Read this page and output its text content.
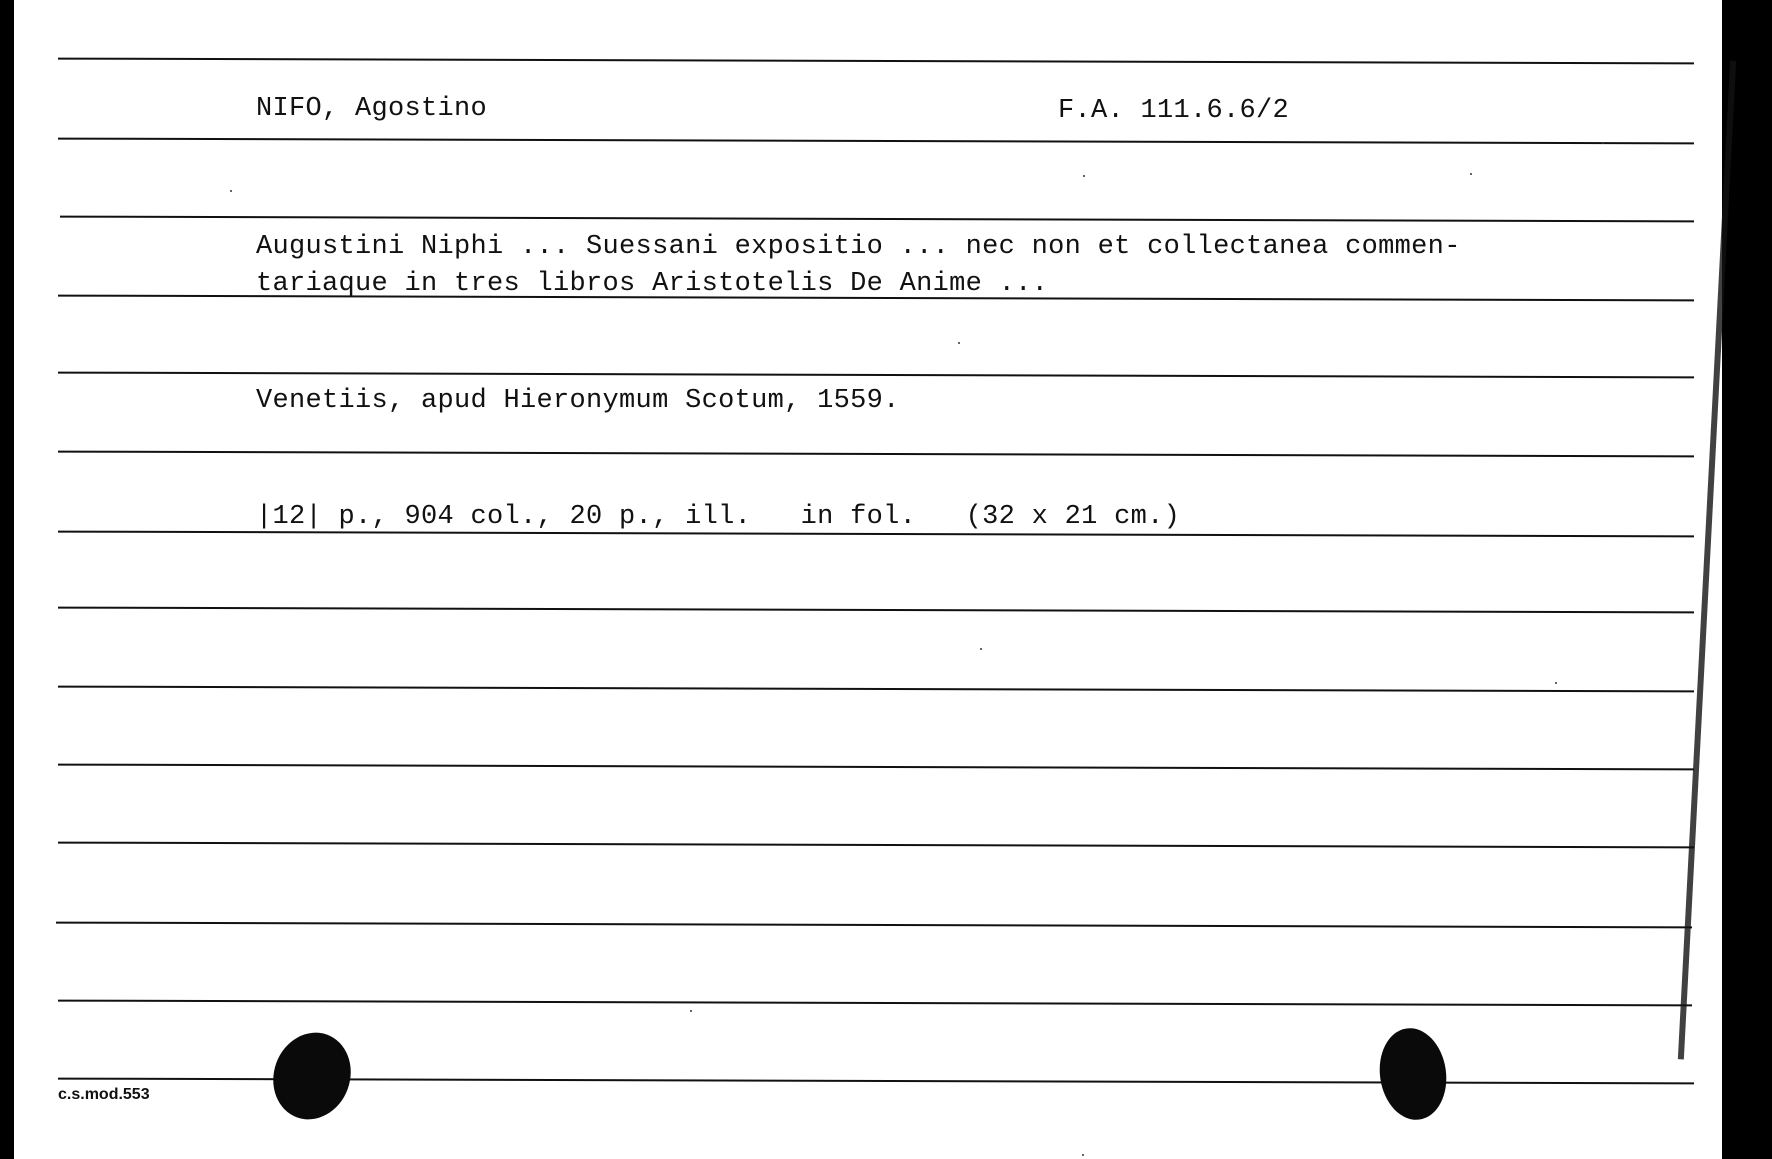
NIFO, Agostino	F.A. 111.6.6/2
Augustini Niphi ... Suessani expositio ... nec non et collectanea commen-
tariaque in tres libros Aristotelis De Anime ...
Venetiis, apud Hieronymum Scotum, 1559.
|12| p., 904 col., 20 p., ill.   in fol.   (32 x 21 cm.)
c.s.mod.553
